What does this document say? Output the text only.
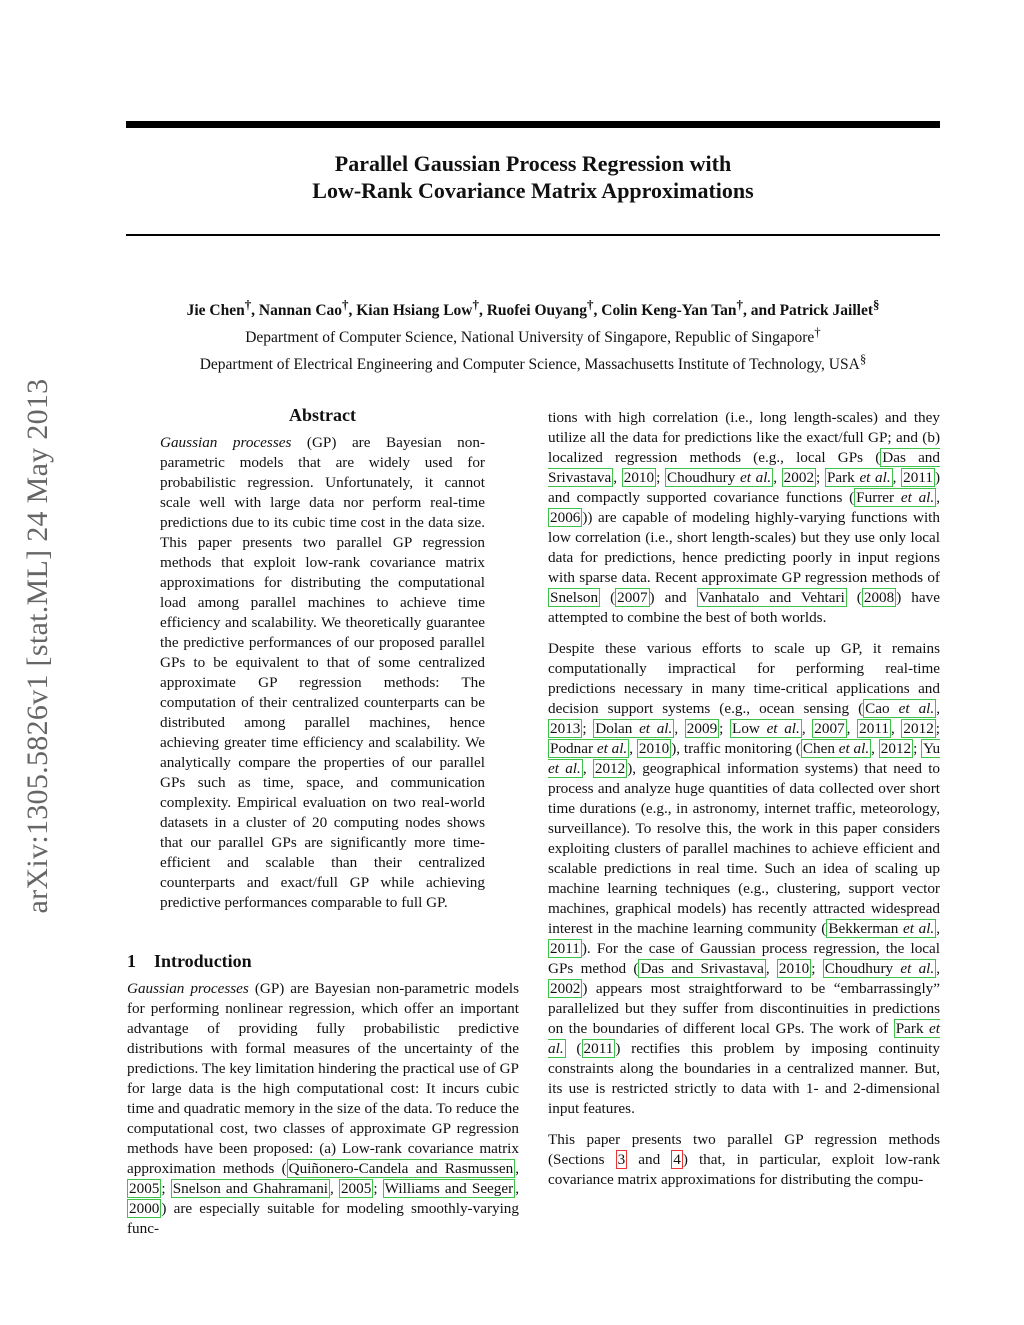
arXiv:1305.5826v1 [stat.ML] 24 May 2013
Parallel Gaussian Process Regression with
Low-Rank Covariance Matrix Approximations
Jie Chen†, Nannan Cao†, Kian Hsiang Low†, Ruofei Ouyang†, Colin Keng-Yan Tan†, and Patrick Jaillet§
Department of Computer Science, National University of Singapore, Republic of Singapore†
Department of Electrical Engineering and Computer Science, Massachusetts Institute of Technology, USA§
Abstract

Gaussian processes (GP) are Bayesian non-parametric models that are widely used for probabilistic regression. Unfortunately, it cannot scale well with large data nor perform real-time predictions due to its cubic time cost in the data size. This paper presents two parallel GP regression methods that exploit low-rank covariance matrix approximations for distributing the computational load among parallel machines to achieve time efficiency and scalability. We theoretically guarantee the predictive performances of our proposed parallel GPs to be equivalent to that of some centralized approximate GP regression methods: The computation of their centralized counterparts can be distributed among parallel machines, hence achieving greater time efficiency and scalability. We analytically compare the properties of our parallel GPs such as time, space, and communication complexity. Empirical evaluation on two real-world datasets in a cluster of 20 computing nodes shows that our parallel GPs are significantly more time-efficient and scalable than their centralized counterparts and exact/full GP while achieving predictive performances comparable to full GP.

1 Introduction

Gaussian processes (GP) are Bayesian non-parametric models for performing nonlinear regression, which offer an important advantage of providing fully probabilistic predictive distributions with formal measures of the uncertainty of the predictions. The key limitation hindering the practical use of GP for large data is the high computational cost: It incurs cubic time and quadratic memory in the size of the data. To reduce the computational cost, two classes of approximate GP regression methods have been proposed: (a) Low-rank covariance matrix approximation methods ( Quiñonero-Candela and Rasmussen , 2005 ; Snelson and Ghahramani , 2005 ; Williams and Seeger , 2000 ) are especially suitable for modeling smoothly-varying func-

tions with high correlation (i.e., long length-scales) and they utilize all the data for predictions like the exact/full GP; and (b) localized regression methods (e.g., local GPs ( Das and Srivastava , 2010 ; Choudhury et al. , 2002 ; Park et al. , 2011 ) and compactly supported covariance functions ( Furrer et al. , 2006 )) are capable of modeling highly-varying functions with low correlation (i.e., short length-scales) but they use only local data for predictions, hence predicting poorly in input regions with sparse data. Recent approximate GP regression methods of Snelson ( 2007 ) and Vanhatalo and Vehtari ( 2008 ) have attempted to combine the best of both worlds.

Despite these various efforts to scale up GP, it remains computationally impractical for performing real-time predictions necessary in many time-critical applications and decision support systems (e.g., ocean sensing ( Cao et al. , 2013 ; Dolan et al. , 2009 ; Low et al. , 2007 , 2011 , 2012 ; Podnar et al. , 2010 ), traffic monitoring ( Chen et al. , 2012 ; Yu et al. , 2012 ), geographical information systems) that need to process and analyze huge quantities of data collected over short time durations (e.g., in astronomy, internet traffic, meteorology, surveillance). To resolve this, the work in this paper considers exploiting clusters of parallel machines to achieve efficient and scalable predictions in real time. Such an idea of scaling up machine learning techniques (e.g., clustering, support vector machines, graphical models) has recently attracted widespread interest in the machine learning community ( Bekkerman et al. , 2011 ). For the case of Gaussian process regression, the local GPs method ( Das and Srivastava , 2010 ; Choudhury et al. , 2002 ) appears most straightforward to be “embarrassingly” parallelized but they suffer from discontinuities in predictions on the boundaries of different local GPs. The work of Park et al. ( 2011 ) rectifies this problem by imposing continuity constraints along the boundaries in a centralized manner. But, its use is restricted strictly to data with 1- and 2-dimensional input features.

This paper presents two parallel GP regression methods (Sections 3 and 4 ) that, in particular, exploit low-rank covariance matrix approximations for distributing the compu-
